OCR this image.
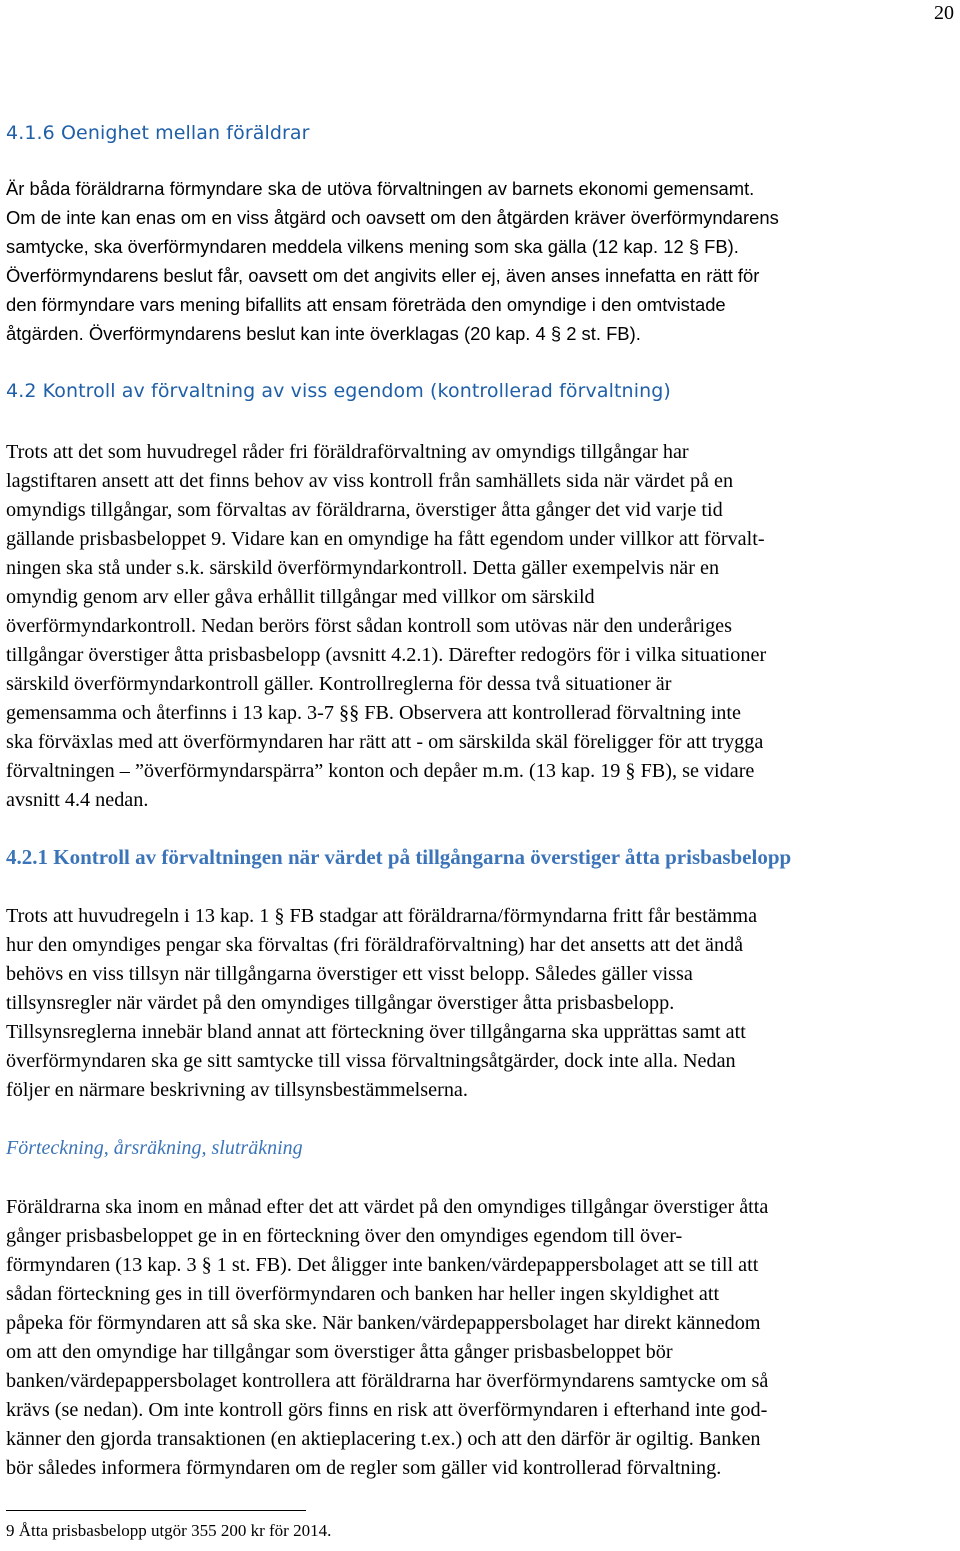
20
4.1.6 Oenighet mellan föräldrar
Är båda föräldrarna förmyndare ska de utöva förvaltningen av barnets ekonomi gemensamt.
Om de inte kan enas om en viss åtgärd och oavsett om den åtgärden kräver överförmyndarens
samtycke, ska överförmyndaren meddela vilkens mening som ska gälla (12 kap. 12 § FB).
Överförmyndarens beslut får, oavsett om det angivits eller ej, även anses innefatta en rätt för
den förmyndare vars mening bifallits att ensam företräda den omyndige i den omtvistade
åtgärden. Överförmyndarens beslut kan inte överklagas (20 kap. 4 § 2 st. FB).
4.2 Kontroll av förvaltning av viss egendom (kontrollerad förvaltning)
Trots att det som huvudregel råder fri föräldraförvaltning av omyndigs tillgångar har
lagstiftaren ansett att det finns behov av viss kontroll från samhällets sida när värdet på en
omyndigs tillgångar, som förvaltas av föräldrarna, överstiger åtta gånger det vid varje tid
gällande prisbasbeloppet 9. Vidare kan en omyndige ha fått egendom under villkor att förvalt-
ningen ska stå under s.k. särskild överförmyndarkontroll. Detta gäller exempelvis när en
omyndig genom arv eller gåva erhållit tillgångar med villkor om särskild
överförmyndarkontroll. Nedan berörs först sådan kontroll som utövas när den underåriges
tillgångar överstiger åtta prisbasbelopp (avsnitt 4.2.1). Därefter redogörs för i vilka situationer
särskild överförmyndarkontroll gäller. Kontrollreglerna för dessa två situationer är
gemensamma och återfinns i 13 kap. 3-7 §§ FB. Observera att kontrollerad förvaltning inte
ska förväxlas med att överförmyndaren har rätt att - om särskilda skäl föreligger för att trygga
förvaltningen – ”överförmyndarspärra” konton och depåer m.m. (13 kap. 19 § FB), se vidare
avsnitt 4.4 nedan.
4.2.1 Kontroll av förvaltningen när värdet på tillgångarna överstiger åtta prisbasbelopp
Trots att huvudregeln i 13 kap. 1 § FB stadgar att föräldrarna/förmyndarna fritt får bestämma
hur den omyndiges pengar ska förvaltas (fri föräldraförvaltning) har det ansetts att det ändå
behövs en viss tillsyn när tillgångarna överstiger ett visst belopp. Således gäller vissa
tillsynsregler när värdet på den omyndiges tillgångar överstiger åtta prisbasbelopp.
Tillsynsreglerna innebär bland annat att förteckning över tillgångarna ska upprättas samt att
överförmyndaren ska ge sitt samtycke till vissa förvaltningsåtgärder, dock inte alla. Nedan
följer en närmare beskrivning av tillsynsbestämmelserna.
Förteckning, årsräkning, sluträkning
Föräldrarna ska inom en månad efter det att värdet på den omyndiges tillgångar överstiger åtta
gånger prisbasbeloppet ge in en förteckning över den omyndiges egendom till över-
förmyndaren (13 kap. 3 § 1 st. FB). Det åligger inte banken/värdepappersbolaget att se till att
sådan förteckning ges in till överförmyndaren och banken har heller ingen skyldighet att
påpeka för förmyndaren att så ska ske. När banken/värdepappersbolaget har direkt kännedom
om att den omyndige har tillgångar som överstiger åtta gånger prisbasbeloppet bör
banken/värdepappersbolaget kontrollera att föräldrarna har överförmyndarens samtycke om så
krävs (se nedan). Om inte kontroll görs finns en risk att överförmyndaren i efterhand inte god-
känner den gjorda transaktionen (en aktieplacering t.ex.) och att den därför är ogiltig. Banken
bör således informera förmyndaren om de regler som gäller vid kontrollerad förvaltning.
9 Åtta prisbasbelopp utgör 355 200 kr för 2014.
